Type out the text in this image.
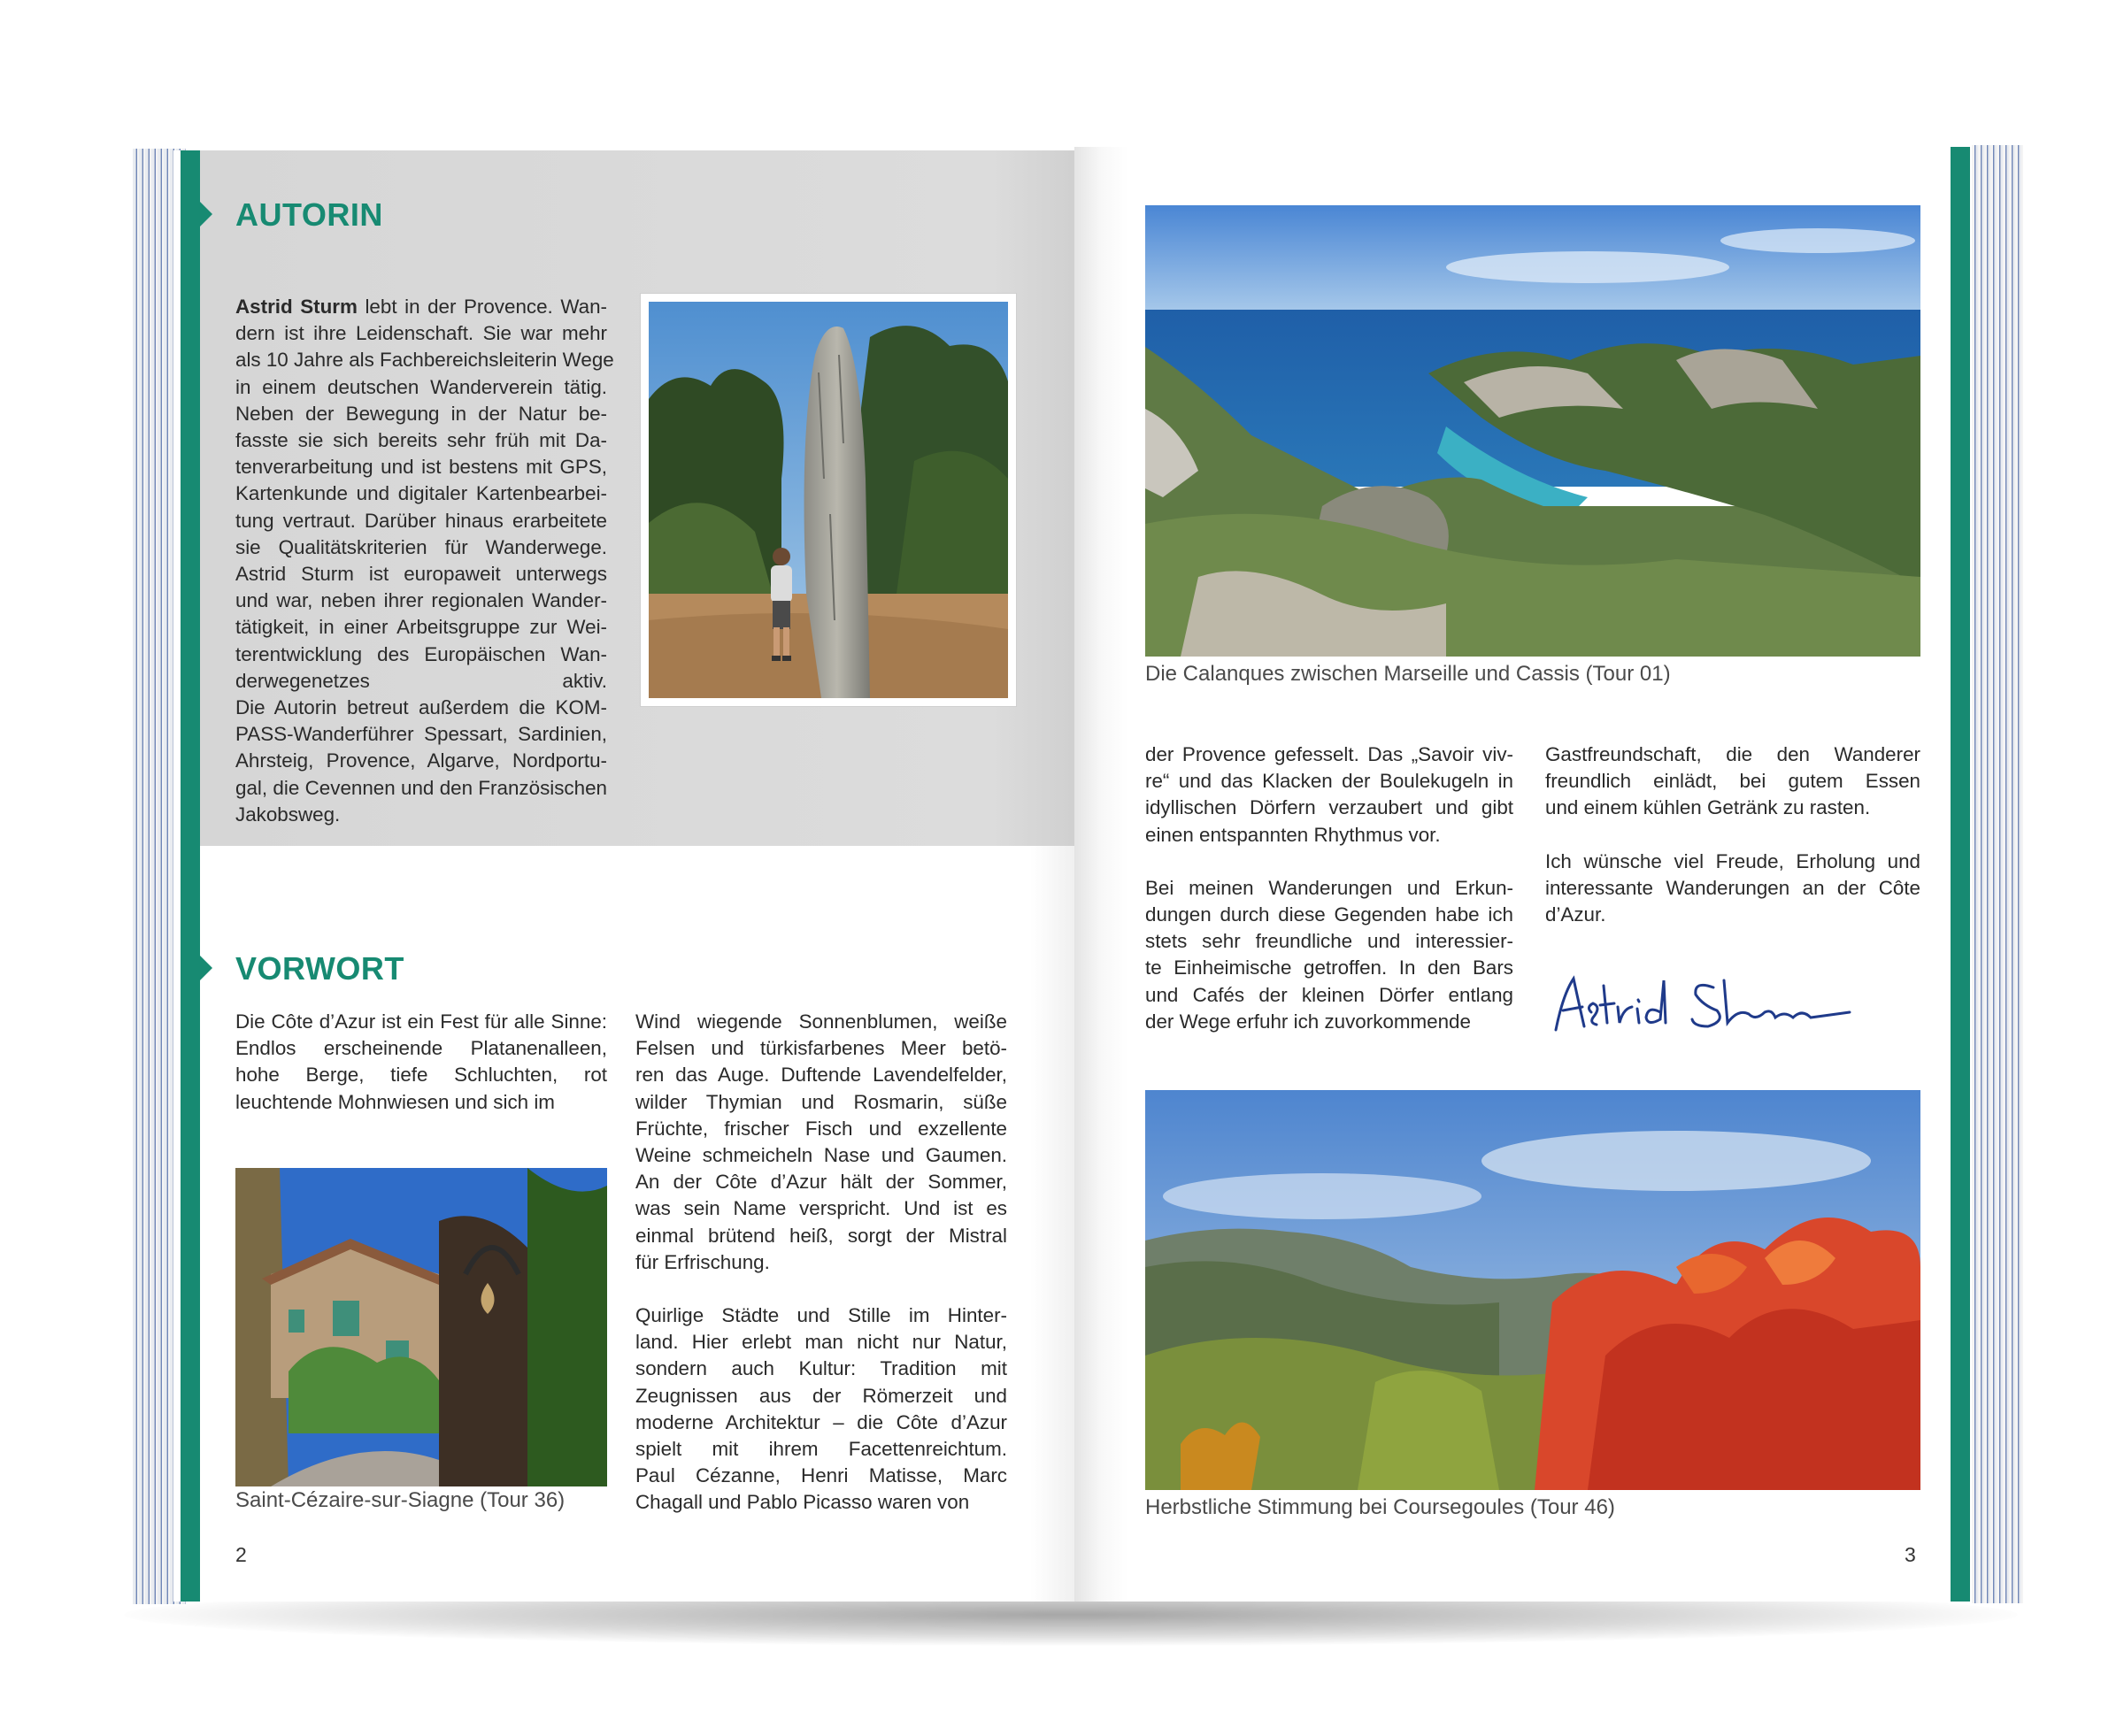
AUTORIN
Astrid Sturm lebt in der Provence. Wan-
dern ist ihre Leidenschaft. Sie war mehr
als 10 Jahre als Fachbereichsleiterin Wege
in einem deutschen Wanderverein tätig.
Neben der Bewegung in der Natur be-
fasste sie sich bereits sehr früh mit Da-
tenverarbeitung und ist bestens mit GPS,
Kartenkunde und digitaler Kartenbearbei-
tung vertraut. Darüber hinaus erarbeitete
sie Qualitätskriterien für Wanderwege.
Astrid Sturm ist europaweit unterwegs
und war, neben ihrer regionalen Wander-
tätigkeit, in einer Arbeitsgruppe zur Wei-
terentwicklung des Europäischen Wan-
derwegenetzes aktiv.
Die Autorin betreut außerdem die KOM-
PASS-Wanderführer Spessart, Sardinien,
Ahrsteig, Provence, Algarve, Nordportu-
gal, die Cevennen und den Französischen
Jakobsweg.
VORWORT
Die Côte d’Azur ist ein Fest für alle Sinne:
Endlos erscheinende Platanenalleen,
hohe Berge, tiefe Schluchten, rot
leuchtende Mohnwiesen und sich im
Saint-Cézaire-sur-Siagne (Tour 36)
Wind wiegende Sonnenblumen, weiße
Felsen und türkisfarbenes Meer betö-
ren das Auge. Duftende Lavendelfelder,
wilder Thymian und Rosmarin, süße
Früchte, frischer Fisch und exzellente
Weine schmeicheln Nase und Gaumen.
An der Côte d’Azur hält der Sommer,
was sein Name verspricht. Und ist es
einmal brütend heiß, sorgt der Mistral
für Erfrischung.
Quirlige Städte und Stille im Hinter-
land. Hier erlebt man nicht nur Natur,
sondern auch Kultur: Tradition mit
Zeugnissen aus der Römerzeit und
moderne Architektur – die Côte d’Azur
spielt mit ihrem Facettenreichtum.
Paul Cézanne, Henri Matisse, Marc
Chagall und Pablo Picasso waren von
2
Die Calanques zwischen Marseille und Cassis (Tour 01)
der Provence gefesselt. Das „Savoir viv-
re“ und das Klacken der Boulekugeln in
idyllischen Dörfern verzaubert und gibt
einen entspannten Rhythmus vor.
Bei meinen Wanderungen und Erkun-
dungen durch diese Gegenden habe ich
stets sehr freundliche und interessier-
te Einheimische getroffen. In den Bars
und Cafés der kleinen Dörfer entlang
der Wege erfuhr ich zuvorkommende
Gastfreundschaft, die den Wanderer
freundlich einlädt, bei gutem Essen
und einem kühlen Getränk zu rasten.
Ich wünsche viel Freude, Erholung und
interessante Wanderungen an der Côte
d’Azur.
Herbstliche Stimmung bei Coursegoules (Tour 46)
3
